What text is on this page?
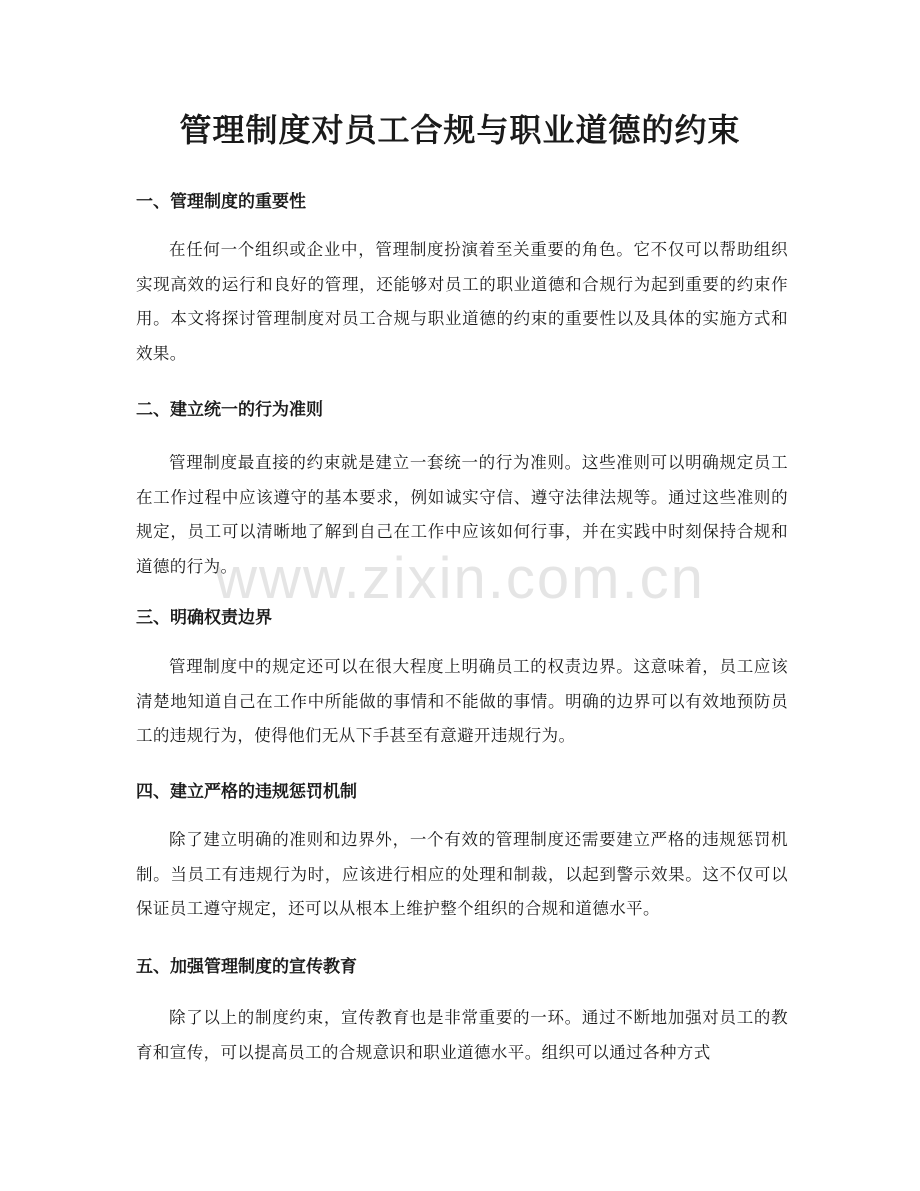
管理制度对员工合规与职业道德的约束
一、管理制度的重要性

在任何一个组织或企业中，管理制度扮演着至关重要的角色。它不仅可以帮助组织实现高效的运行和良好的管理，还能够对员工的职业道德和合规行为起到重要的约束作用。本文将探讨管理制度对员工合规与职业道德的约束的重要性以及具体的实施方式和效果。

二、建立统一的行为准则

管理制度最直接的约束就是建立一套统一的行为准则。这些准则可以明确规定员工在工作过程中应该遵守的基本要求，例如诚实守信、遵守法律法规等。通过这些准则的规定，员工可以清晰地了解到自己在工作中应该如何行事，并在实践中时刻保持合规和道德的行为。

三、明确权责边界

管理制度中的规定还可以在很大程度上明确员工的权责边界。这意味着，员工应该清楚地知道自己在工作中所能做的事情和不能做的事情。明确的边界可以有效地预防员工的违规行为，使得他们无从下手甚至有意避开违规行为。

四、建立严格的违规惩罚机制

除了建立明确的准则和边界外，一个有效的管理制度还需要建立严格的违规惩罚机制。当员工有违规行为时，应该进行相应的处理和制裁，以起到警示效果。这不仅可以保证员工遵守规定，还可以从根本上维护整个组织的合规和道德水平。

五、加强管理制度的宣传教育

除了以上的制度约束，宣传教育也是非常重要的一环。通过不断地加强对员工的教育和宣传，可以提高员工的合规意识和职业道德水平。组织可以通过各种方式

www.zixin.com.cn
